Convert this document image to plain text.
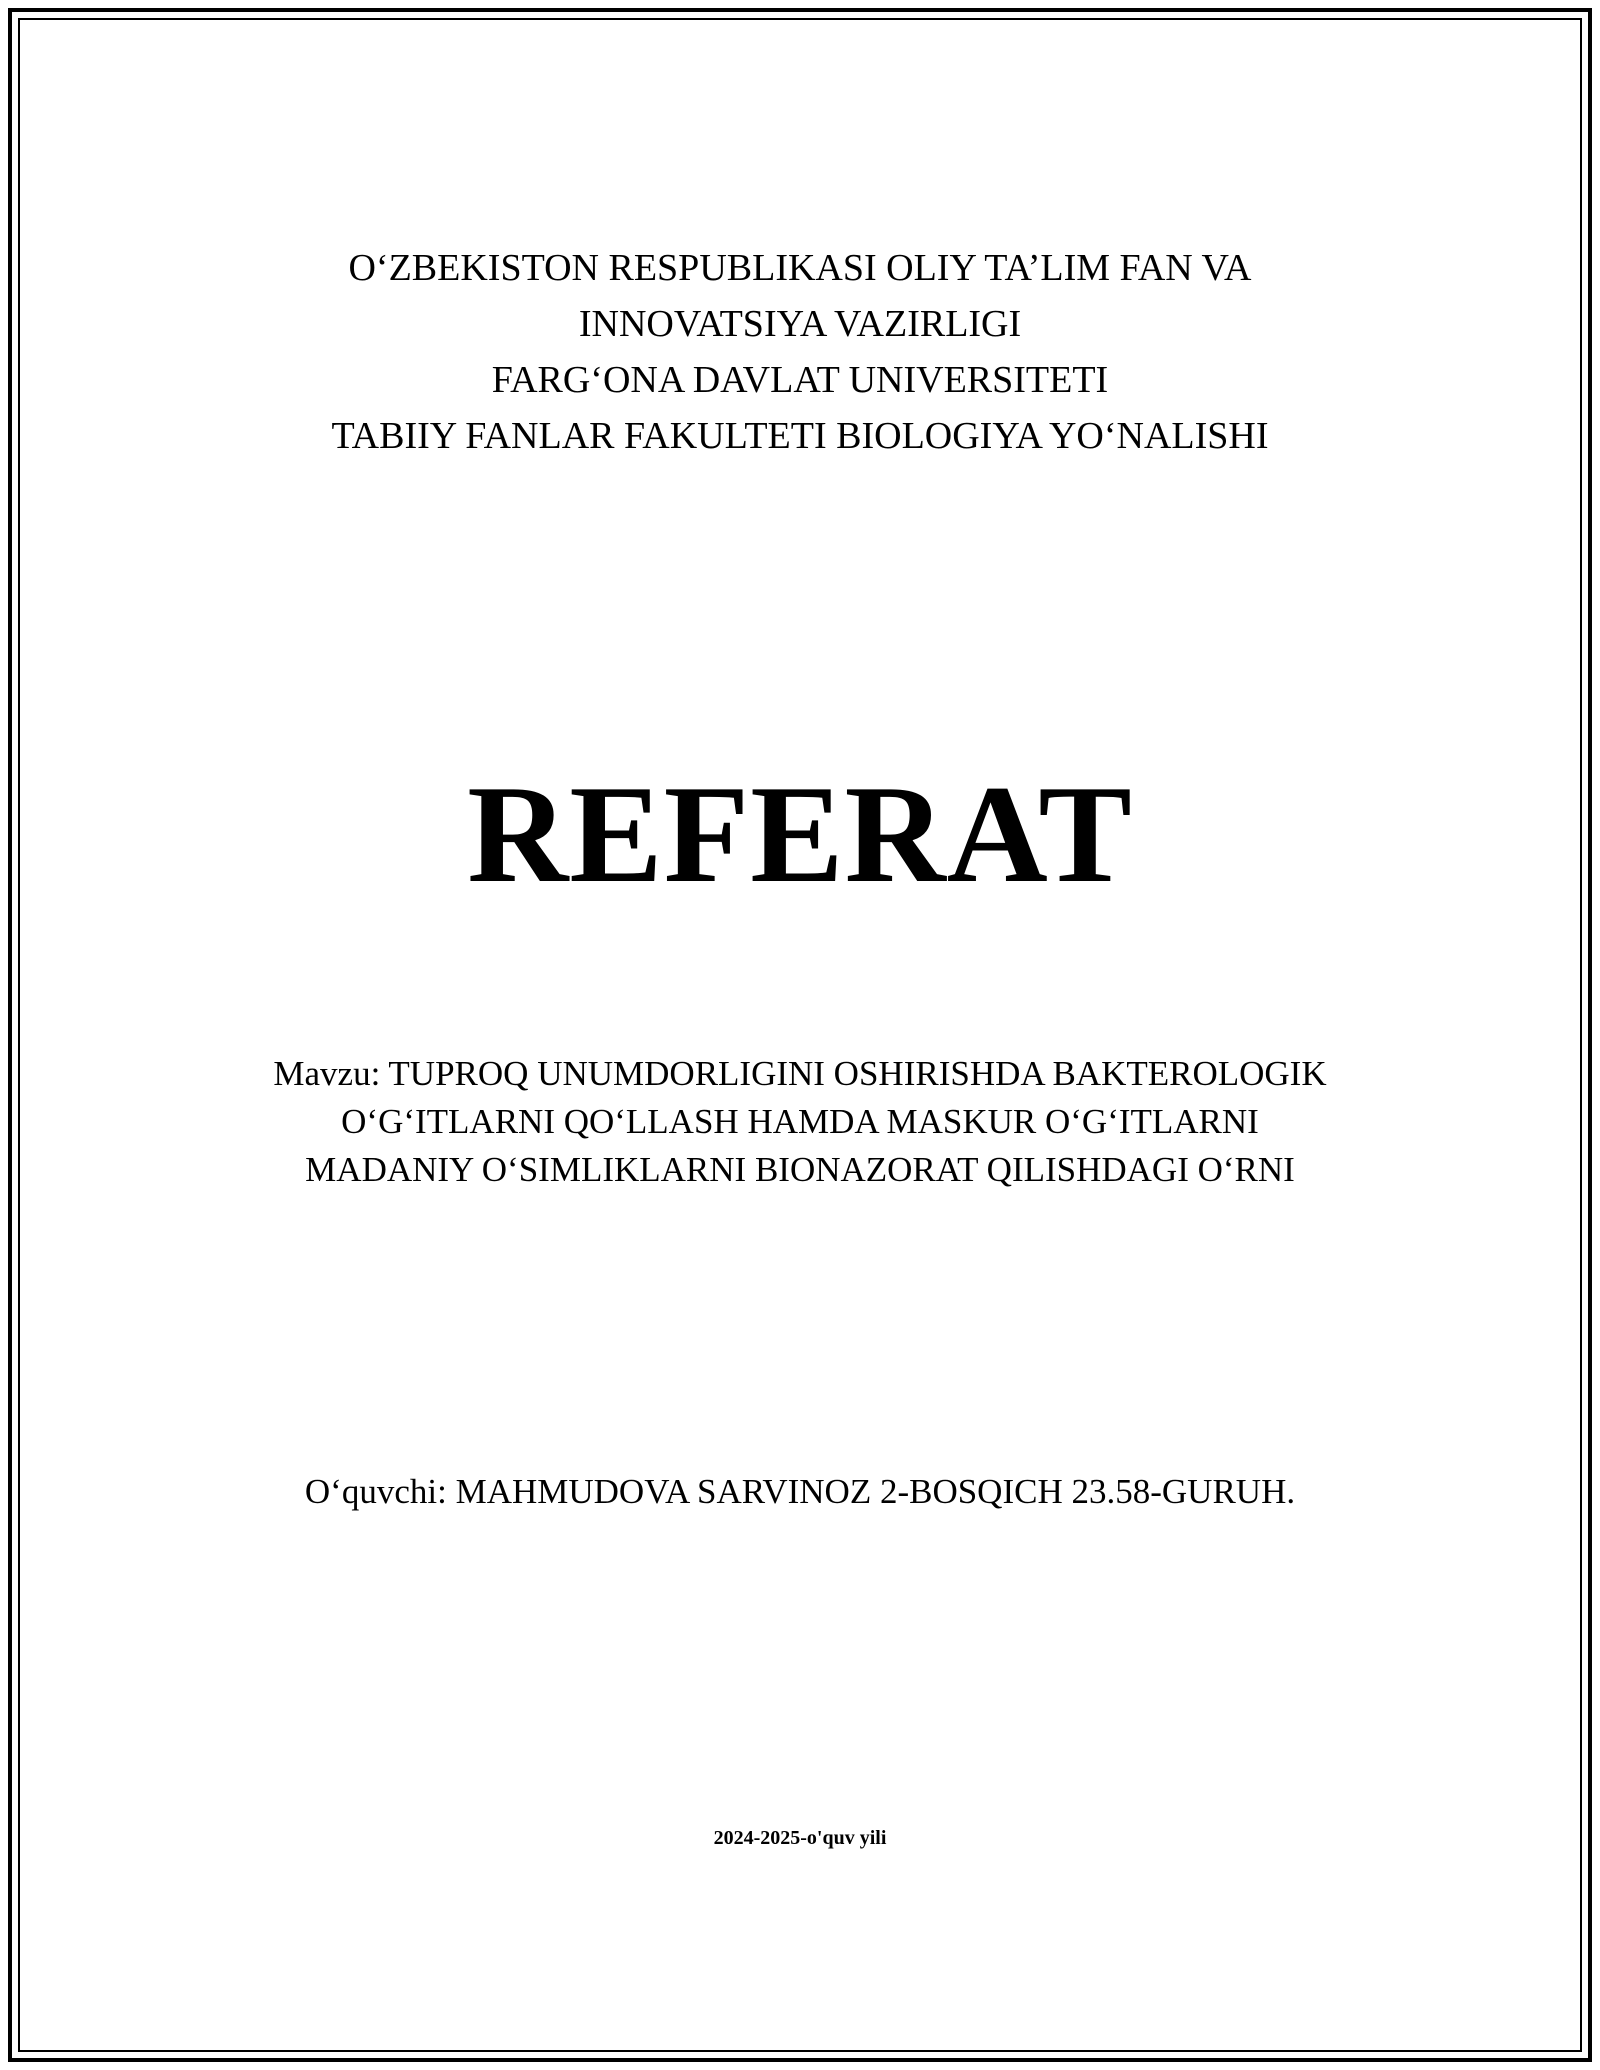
O‘ZBEKISTON RESPUBLIKASI OLIY TA’LIM FAN VA
INNOVATSIYA VAZIRLIGI
FARG‘ONA DAVLAT UNIVERSITETI
TABIIY FANLAR FAKULTETI BIOLOGIYA YO‘NALISHI
REFERAT
Mavzu: TUPROQ UNUMDORLIGINI OSHIRISHDA BAKTEROLOGIK
O‘G‘ITLARNI QO‘LLASH HAMDA MASKUR O‘G‘ITLARNI
MADANIY O‘SIMLIKLARNI BIONAZORAT QILISHDAGI O‘RNI
O‘quvchi: MAHMUDOVA SARVINOZ 2-BOSQICH 23.58-GURUH.
2024-2025-o'quv yili
